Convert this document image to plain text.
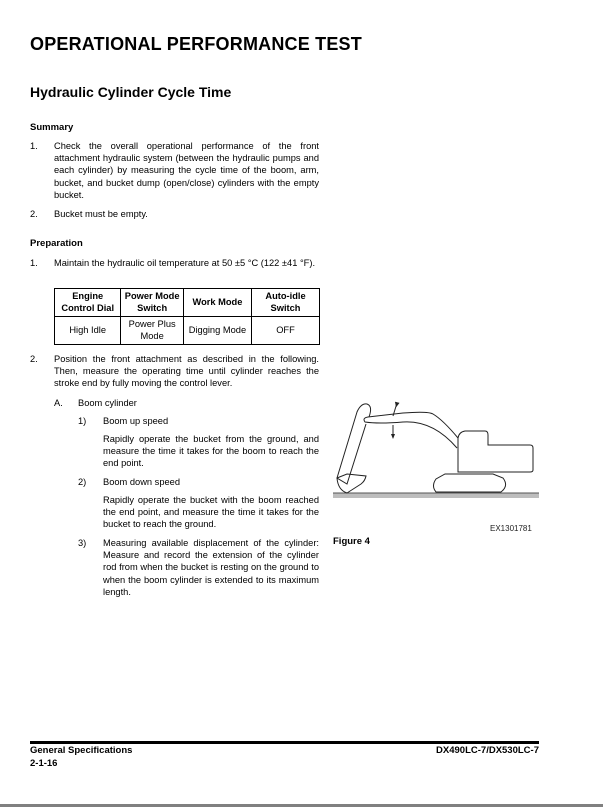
OPERATIONAL PERFORMANCE TEST
Hydraulic Cylinder Cycle Time
Summary
1. Check the overall operational performance of the front attachment hydraulic system (between the hydraulic pumps and each cylinder) by measuring the cycle time of the boom, arm, bucket, and bucket dump (open/close) cylinders with the empty bucket.
2. Bucket must be empty.
Preparation
1. Maintain the hydraulic oil temperature at 50 ±5 °C (122 ±41 °F).
Engine Control Dial	Power Mode Switch	Work Mode	Auto-idle Switch
High Idle	Power Plus Mode	Digging Mode	OFF
2. Position the front attachment as described in the following. Then, measure the operating time until cylinder reaches the stroke end by fully moving the control lever.
A. Boom cylinder
1) Boom up speed
Rapidly operate the bucket from the ground, and measure the time it takes for the boom to reach the end point.
2) Boom down speed
Rapidly operate the bucket with the boom reached the end point, and measure the time it takes for the bucket to reach the ground.
3) Measuring available displacement of the cylinder: Measure and record the extension of the cylinder rod from when the bucket is resting on the ground to when the boom cylinder is extended to its maximum length.
EX1301781
Figure 4
General Specifications
2-1-16
DX490LC-7/DX530LC-7
